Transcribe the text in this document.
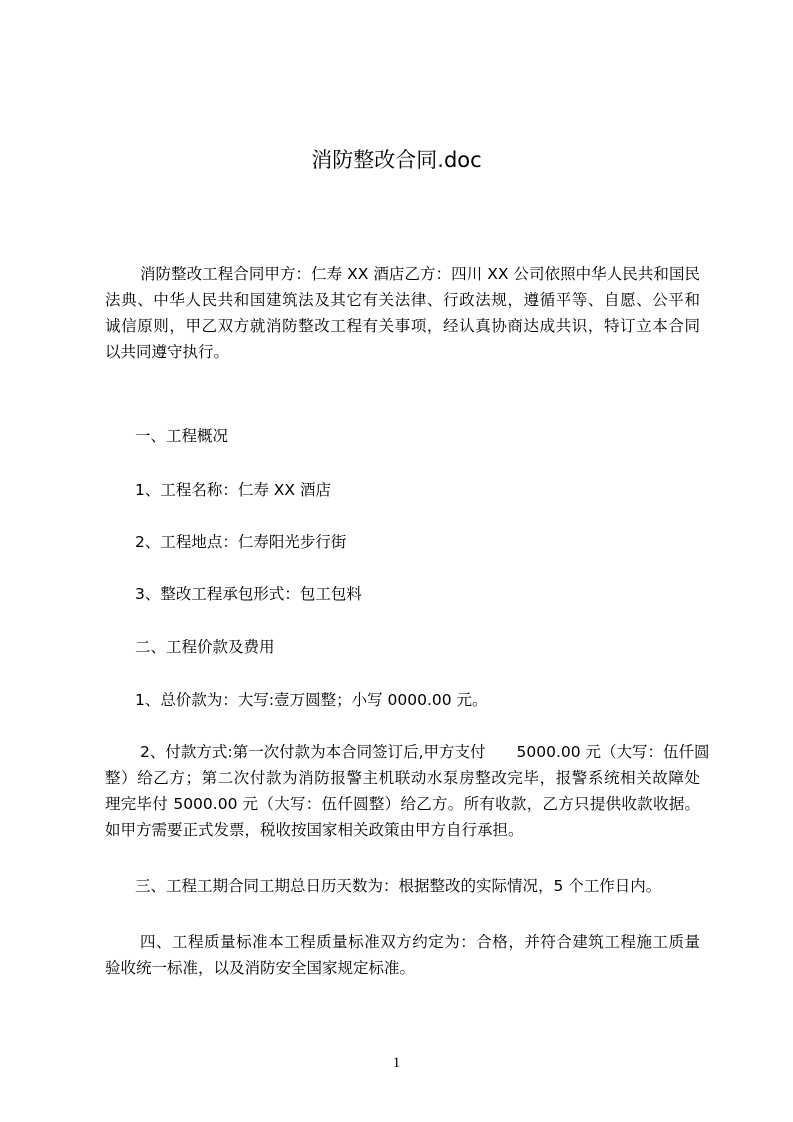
消防整改合同.doc
消防整改工程合同甲方：仁寿 XX 酒店乙方：四川 XX 公司依照中华人民共和国民
法典、中华人民共和国建筑法及其它有关法律、行政法规，遵循平等、自愿、公平和
诚信原则，甲乙双方就消防整改工程有关事项，经认真协商达成共识，特订立本合同
以共同遵守执行。
一、工程概况
1、工程名称：仁寿 XX 酒店
2、工程地点：仁寿阳光步行街
3、整改工程承包形式：包工包料
二、工程价款及费用
1、总价款为：大写:壹万圆整；小写 0000.00 元。
2、付款方式:第一次付款为本合同签订后,甲方支付　　5000.00 元（大写：伍仟圆
整）给乙方；第二次付款为消防报警主机联动水泵房整改完毕，报警系统相关故障处
理完毕付 5000.00 元（大写：伍仟圆整）给乙方。所有收款，乙方只提供收款收据。
如甲方需要正式发票，税收按国家相关政策由甲方自行承担。
三、工程工期合同工期总日历天数为：根据整改的实际情况，5 个工作日内。
四、工程质量标准本工程质量标准双方约定为：合格，并符合建筑工程施工质量
验收统一标准，以及消防安全国家规定标准。
1
